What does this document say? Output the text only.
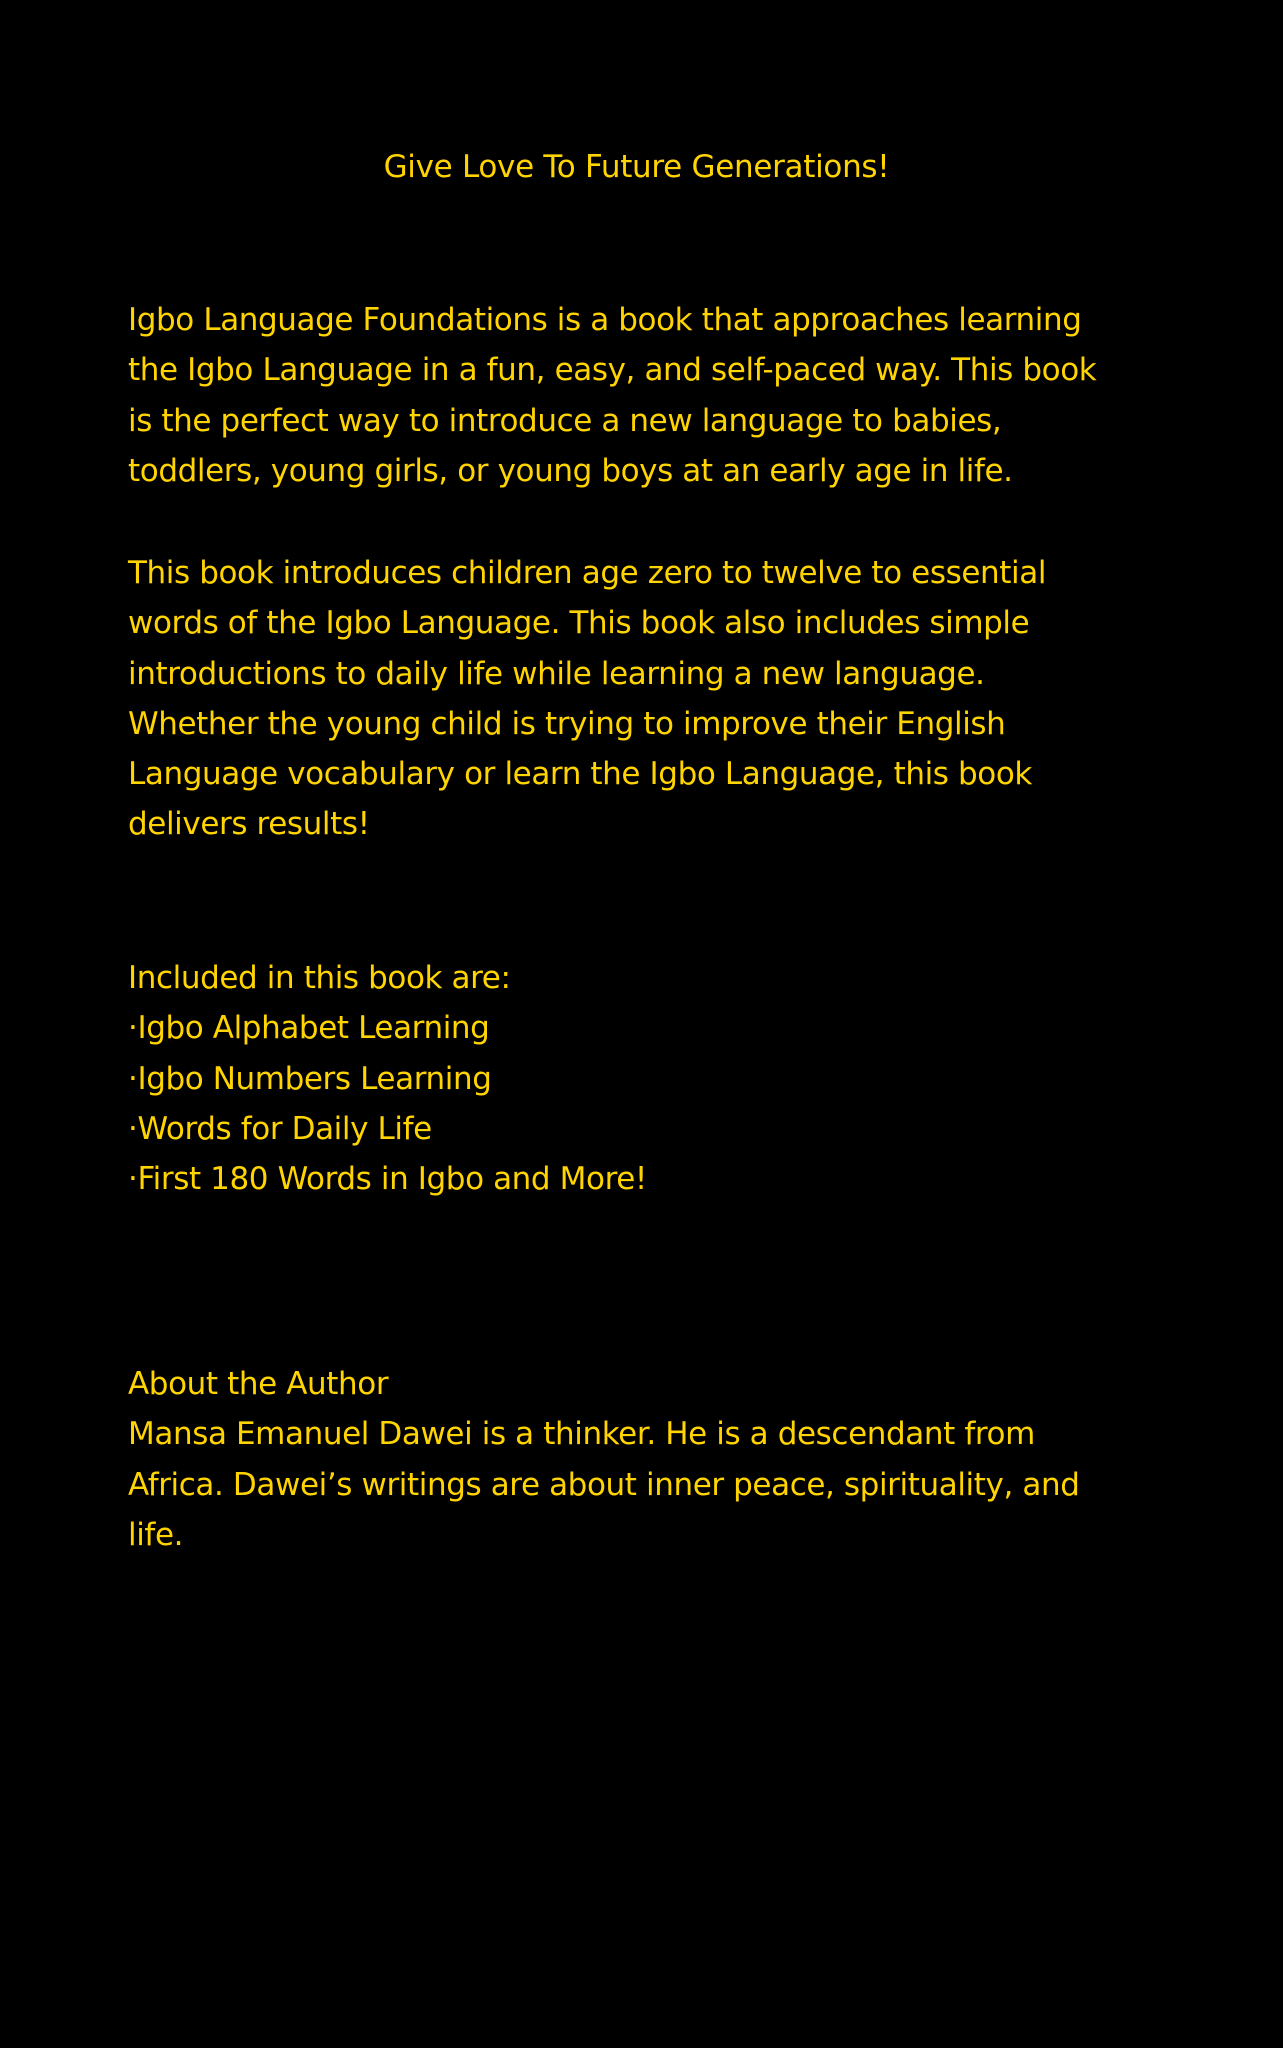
Give Love To Future Generations!

Igbo Language Foundations is a book that approaches learning

the Igbo Language in a fun, easy, and self-paced way. This book

is the perfect way to introduce a new language to babies,

toddlers, young girls, or young boys at an early age in life.

This book introduces children age zero to twelve to essential

words of the Igbo Language. This book also includes simple

introductions to daily life while learning a new language.

Whether the young child is trying to improve their English

Language vocabulary or learn the Igbo Language, this book

delivers results!

Included in this book are:

·Igbo Alphabet Learning

·Igbo Numbers Learning

·Words for Daily Life

·First 180 Words in Igbo and More!

About the Author

Mansa Emanuel Dawei is a thinker. He is a descendant from

Africa. Dawei’s writings are about inner peace, spirituality, and

life.
